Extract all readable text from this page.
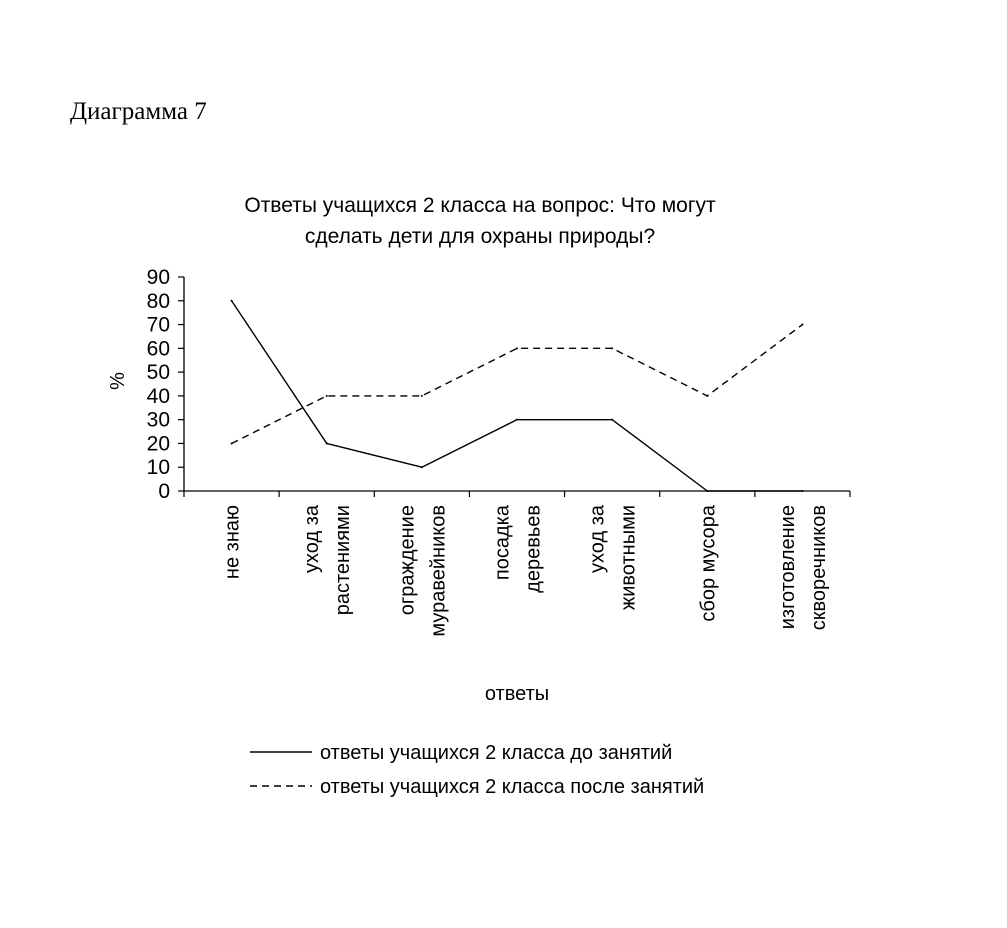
Диаграмма 7
Ответы учащихся 2 класса на вопрос: Что могут
сделать дети для охраны природы?
0
10
20
30
40
50
60
70
80
90
не знаю	уход за растениями ограждение муравейников посадка деревьев уход за животными	сбор мусора	изготовление скворечников
%
ответы
ответы учащихся 2 класса до занятий
ответы учащихся 2 класса после занятий
